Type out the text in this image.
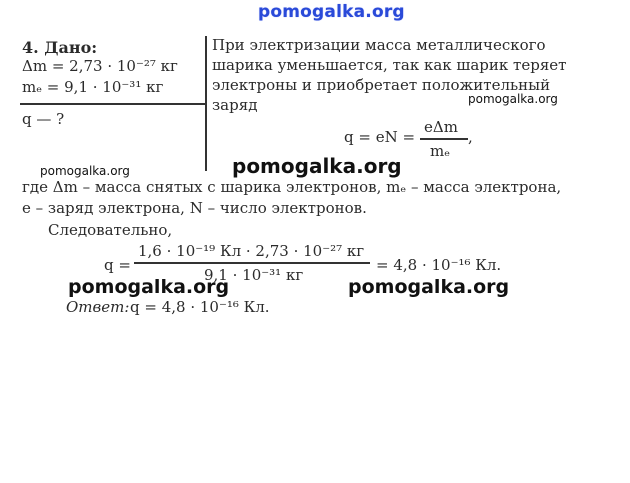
pomogalka.org
pomogalka.org
pomogalka.org	pomogalka.org
pomogalka.org	pomogalka.org
4. Дано:
Δm = 2,73 · 10⁻²⁷ кг
mₑ = 9,1 · 10⁻³¹ кг
q — ?
При электризации масса металлического
шарика уменьшается, так как шарик теряет
электроны и приобретает положительный
заряд
q = eN =
eΔm
mₑ
,
где Δm – масса снятых с шарика электронов, mₑ – масса электрона,
e – заряд электрона, N – число электронов.
Следовательно,
q =
1,6 · 10⁻¹⁹ Кл · 2,73 · 10⁻²⁷ кг
9,1 · 10⁻³¹ кг
= 4,8 · 10⁻¹⁶ Кл.
Ответ: q = 4,8 · 10⁻¹⁶ Кл.
